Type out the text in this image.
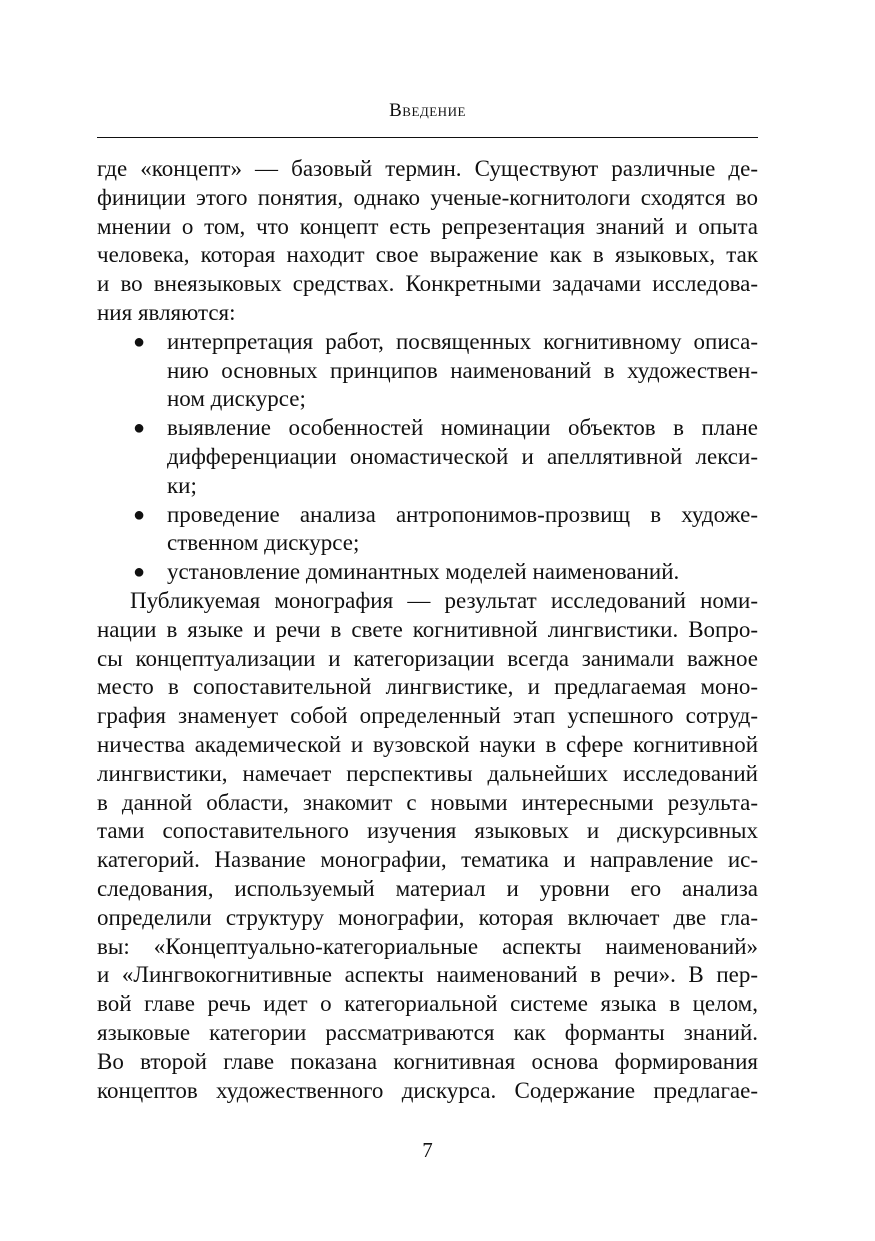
Введение
где «концепт» — базовый термин. Существуют различные де-
финиции этого понятия, однако ученые-когнитологи сходятся во
мнении о том, что концепт есть репрезентация знаний и опыта
человека, которая находит свое выражение как в языковых, так
и во внеязыковых средствах. Конкретными задачами исследова-
ния являются:
● интерпретация работ, посвященных когнитивному описа-
нию основных принципов наименований в художествен-
ном дискурсе;
● выявление особенностей номинации объектов в плане
дифференциации ономастической и апеллятивной лекси-
ки;
● проведение анализа антропонимов-прозвищ в художе-
ственном дискурсе;
● установление доминантных моделей наименований.
Публикуемая монография — результат исследований номи-
нации в языке и речи в свете когнитивной лингвистики. Вопро-
сы концептуализации и категоризации всегда занимали важное
место в сопоставительной лингвистике, и предлагаемая моно-
графия знаменует собой определенный этап успешного сотруд-
ничества академической и вузовской науки в сфере когнитивной
лингвистики, намечает перспективы дальнейших исследований
в данной области, знакомит с новыми интересными результа-
тами сопоставительного изучения языковых и дискурсивных
категорий. Название монографии, тематика и направление ис-
следования, используемый материал и уровни его анализа
определили структуру монографии, которая включает две гла-
вы: «Концептуально-категориальные аспекты наименований»
и «Лингвокогнитивные аспекты наименований в речи». В пер-
вой главе речь идет о категориальной системе языка в целом,
языковые категории рассматриваются как форманты знаний.
Во второй главе показана когнитивная основа формирования
концептов художественного дискурса. Содержание предлагае-
7
